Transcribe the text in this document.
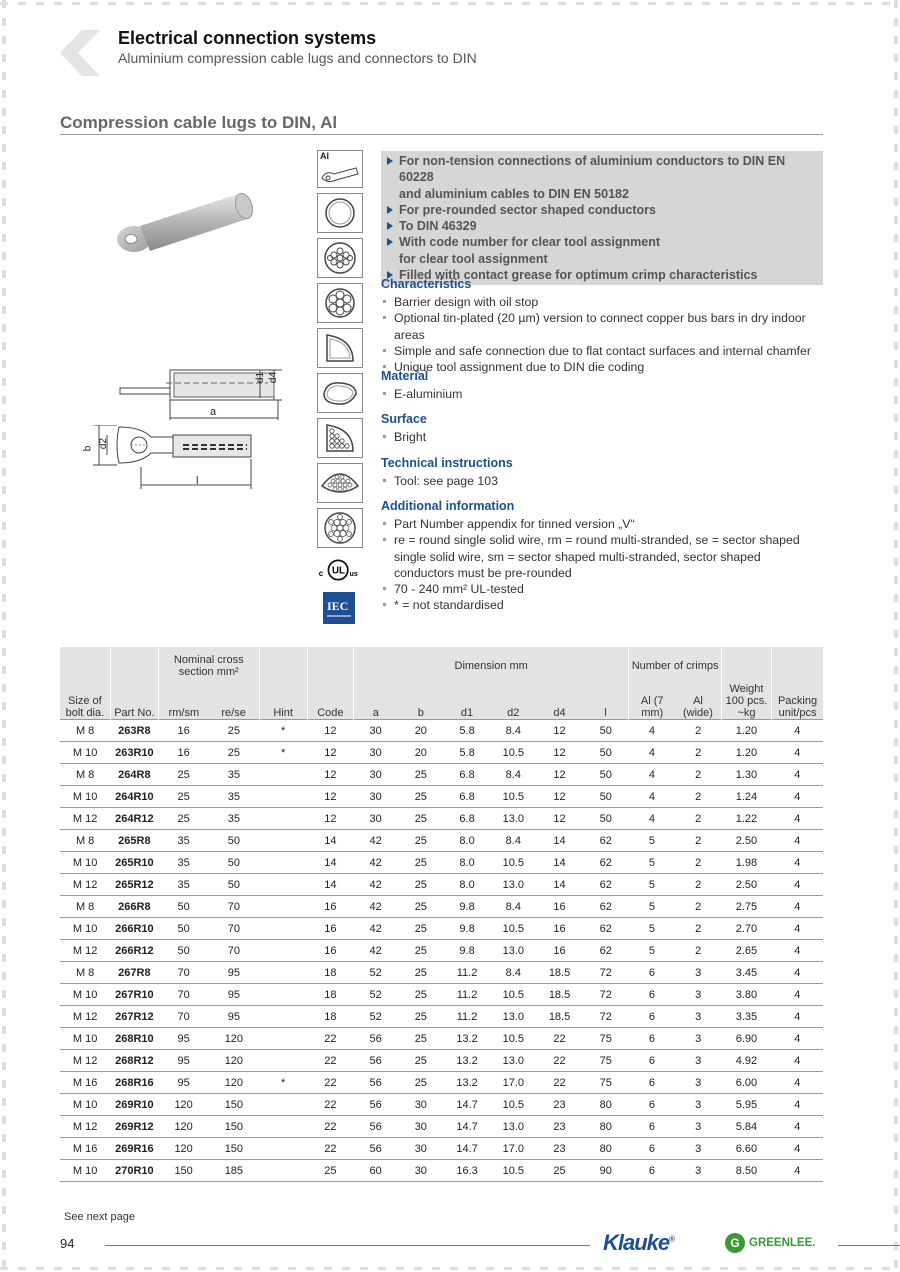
Electrical connection systems
Aluminium compression cable lugs and connectors to DIN
Compression cable lugs to DIN, Al
d1 d4
a
b d2
l
Al
c UL us
IEC
For non-tension connections of aluminium conductors to DIN EN 60228
and aluminium cables to DIN EN 50182
For pre-rounded sector shaped conductors
To DIN 46329
With code number for clear tool assignment
for clear tool assignment
Filled with contact grease for optimum crimp characteristics
Characteristics
Barrier design with oil stop
Optional tin-plated (20 µm) version to connect copper bus bars in dry indoor areas
Simple and safe connection due to flat contact surfaces and internal chamfer
Unique tool assignment due to DIN die coding
Material
E-aluminium
Surface
Bright
Technical instructions
Tool: see page 103
Additional information
Part Number appendix for tinned version „V“
re = round single solid wire, rm = round multi-stranded, se = sector shaped single solid wire, sm = sector shaped multi-stranded, sector shaped conductors must be pre-rounded
70 - 240 mm² UL-tested
* = not standardised
Size of bolt dia.	Part No.	Nominal cross section mm²		Hint	Code	Dimension mm						Number of crimps		Weight 100 pcs. ~kg	Packing unit/pcs
		rm/sm	re/se			a	b	d1	d2	d4	l	Al (7 mm)	Al (wide)		
M 8	263R8	16	25	*	12	30	20	5.8	8.4	12	50	4	2	1.20	4
M 10	263R10	16	25	*	12	30	20	5.8	10.5	12	50	4	2	1.20	4
M 8	264R8	25	35		12	30	25	6.8	8.4	12	50	4	2	1.30	4
M 10	264R10	25	35		12	30	25	6.8	10.5	12	50	4	2	1.24	4
M 12	264R12	25	35		12	30	25	6.8	13.0	12	50	4	2	1.22	4
M 8	265R8	35	50		14	42	25	8.0	8.4	14	62	5	2	2.50	4
M 10	265R10	35	50		14	42	25	8.0	10.5	14	62	5	2	1.98	4
M 12	265R12	35	50		14	42	25	8.0	13.0	14	62	5	2	2.50	4
M 8	266R8	50	70		16	42	25	9.8	8.4	16	62	5	2	2.75	4
M 10	266R10	50	70		16	42	25	9.8	10.5	16	62	5	2	2.70	4
M 12	266R12	50	70		16	42	25	9.8	13.0	16	62	5	2	2.65	4
M 8	267R8	70	95		18	52	25	11.2	8.4	18.5	72	6	3	3.45	4
M 10	267R10	70	95		18	52	25	11.2	10.5	18.5	72	6	3	3.80	4
M 12	267R12	70	95		18	52	25	11.2	13.0	18.5	72	6	3	3.35	4
M 10	268R10	95	120		22	56	25	13.2	10.5	22	75	6	3	6.90	4
M 12	268R12	95	120		22	56	25	13.2	13.0	22	75	6	3	4.92	4
M 16	268R16	95	120	*	22	56	25	13.2	17.0	22	75	6	3	6.00	4
M 10	269R10	120	150		22	56	30	14.7	10.5	23	80	6	3	5.95	4
M 12	269R12	120	150		22	56	30	14.7	13.0	23	80	6	3	5.84	4
M 16	269R16	120	150		22	56	30	14.7	17.0	23	80	6	3	6.60	4
M 10	270R10	150	185		25	60	30	16.3	10.5	25	90	6	3	8.50	4
See next page
94	Klauke®	G GREENLEE.
